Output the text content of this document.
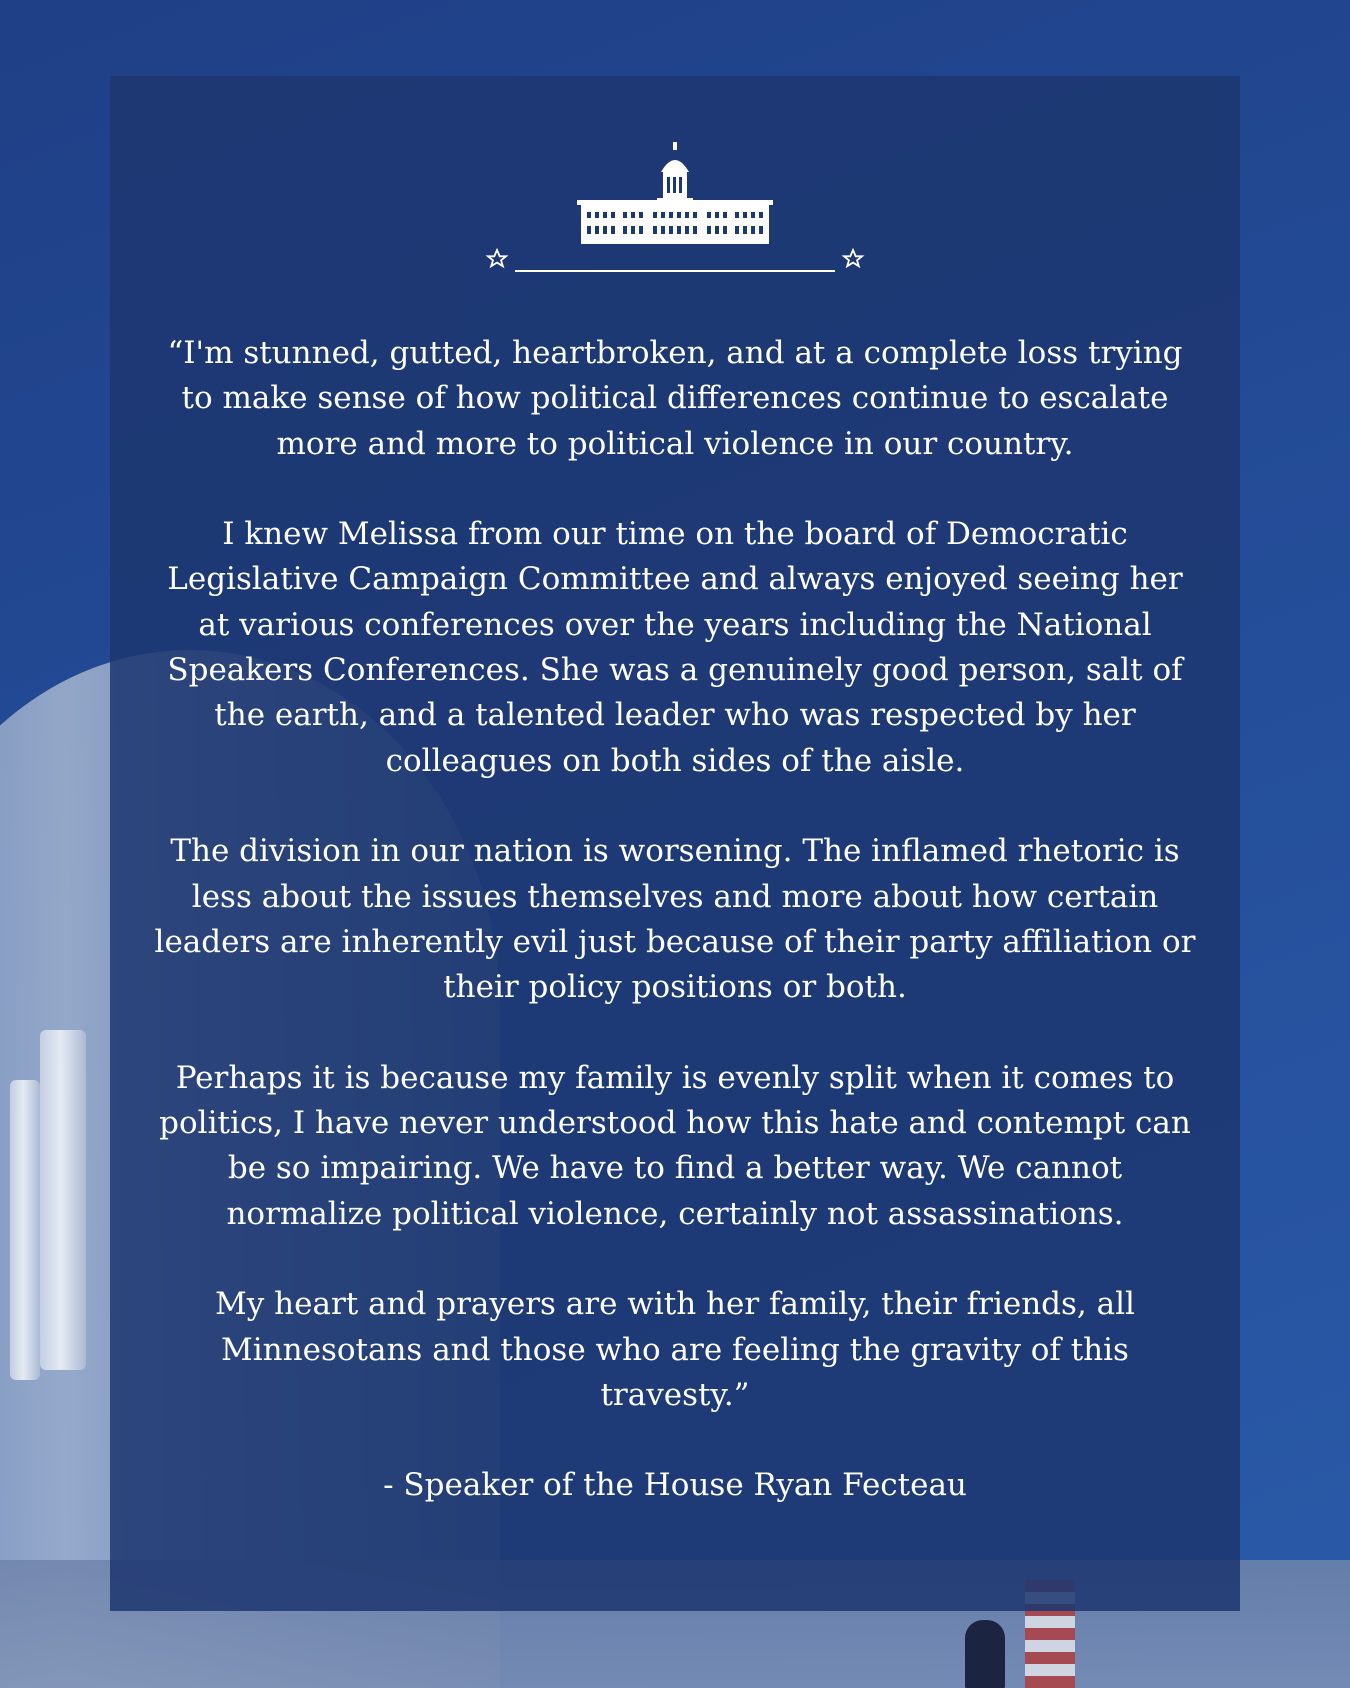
“I'm stunned, gutted, heartbroken, and at a complete loss trying to make sense of how political differences continue to escalate more and more to political violence in our country.

I knew Melissa from our time on the board of Democratic Legislative Campaign Committee and always enjoyed seeing her at various conferences over the years including the National Speakers Conferences. She was a genuinely good person, salt of the earth, and a talented leader who was respected by her colleagues on both sides of the aisle.

The division in our nation is worsening. The inflamed rhetoric is less about the issues themselves and more about how certain leaders are inherently evil just because of their party affiliation or their policy positions or both.

Perhaps it is because my family is evenly split when it comes to politics, I have never understood how this hate and contempt can be so impairing. We have to find a better way. We cannot normalize political violence, certainly not assassinations.

My heart and prayers are with her family, their friends, all Minnesotans and those who are feeling the gravity of this travesty.”

- Speaker of the House Ryan Fecteau
